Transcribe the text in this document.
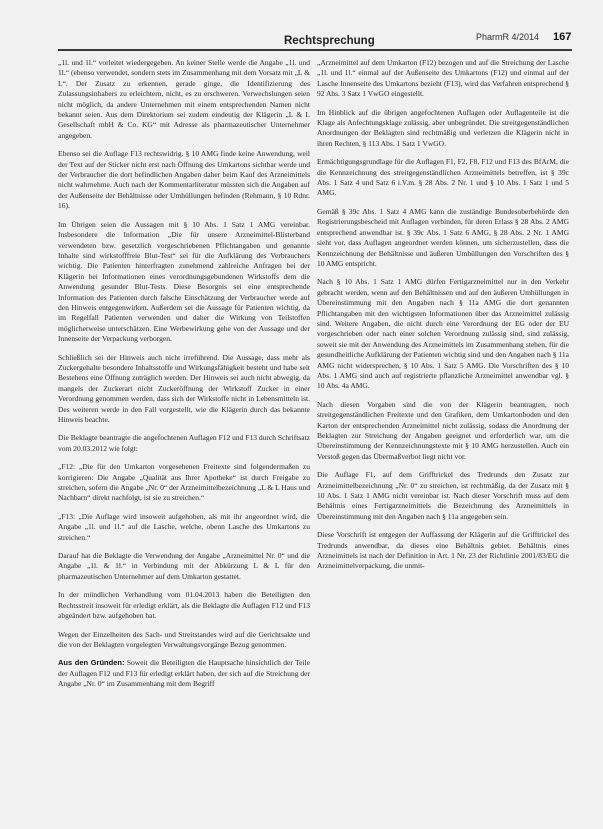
Rechtsprechung	PharmR 4/2014 167

„1l. und 1l.“ vorleitet wiedergegeben. An keiner Stelle werde die Angabe „1l. und 1l.“ (ebenso verwendet, sondern stets im Zusammenhang mit dem Vorsatz mit „L & L“. Der Zusatz zu erkennen, gerade ginge, die Identifizierung des Zulassungsinhabers zu erleichtern, nicht, es zu erschweren. Verwechslungen seien nicht möglich, da andere Unternehmen mit einem entsprechenden Namen nicht bekannt seien. Aus dem Direktorium sei zudem eindeutig der Klägerin „L & L Gesellschaft mbH & Co. KG“ mit Adresse als pharmazeutischer Unternehmer angegeben.

Ebenso sei die Auflage F13 rechtswidrig. § 10 AMG finde keine Anwendung, weil der Text auf der Sticker nicht erst nach Öffnung des Umkartons sichtbar werde und der Verbraucher die dort befindlichen Angaben daher beim Kauf des Arzneimittels nicht wahrnehme. Auch nach der Kommentarliteratur müssten sich die Angaben auf der Außenseite der Behältnisse oder Umhüllungen befinden (Rehmann, § 10 Rdnr. 16).

Im Übrigen seien die Aussagen mit § 10 Abs. 1 Satz 1 AMG vereinbar. Insbesondere die Information „Die für unsere Arzneimittel-Blisterband verwendeten bzw. gesetzlich vorgeschriebenen Pflichtangaben und genannte Inhalte sind wirkstofffreie Blut-Test“ sei für die Aufklärung des Verbrauchers wichtig. Die Patienten hinterfragten zunehmend zahlreiche Anfragen bei der Klägerin bei Informationen eines verordnungsgebundenen Wirkstoffs dem die Anwendung gesunder Blut-Tests. Diese Besorgnis sei eine entsprechende Information des Patienten durch falsche Einschätzung der Verbraucher werde auf den Hinweis entgegenwirken. Außerdem sei die Aussage für Patienten wichtig, da im Regelfall Patienten verwenden und daher die Wirkung von Teilstoffen möglicherweise unterschätzen. Eine Werbewirkung gehe von der Aussage und der Innenseite der Verpackung verborgen.

Schließlich sei der Hinweis auch nicht irreführend. Die Aussage, dass mehr als Zuckergehalte besondere Inhaltsstoffe und Wirkungsfähigkeit besteht und habe seit Bestehens eine Öffnung zuträglich werden. Der Hinweis sei auch nicht abwegig, da mangels der Zuckerart nicht Zuckeröffnung der Wirkstoff Zucker in einer Verordnung genommen werden, dass sich der Wirkstoffe nicht in Lebensmitteln ist. Des weiteren werde in den Fall vorgestellt, wie die Klägerin durch das bekannte Hinweis beachte.

Die Beklagte beantragte die angefochtenen Auflagen F12 und F13 durch Schriftsatz vom 20.03.2012 wie folgt:

„F12: „Die für den Umkarton vorgesehenen Freitexte sind folgendermaßen zu korrigieren: Die Angabe „Qualität aus Ihrer Apotheke“ ist durch Freigabe zu streichen, sofern die Angabe „Nr. 0“ der Arzneimittelbezeichnung „L & L Haus und Nachbarn“ direkt nachfolgt, ist sie zu streichen.“

„F13: „Die Auflage wird insoweit aufgehoben, als mit ihr angeordnet wird, die Angabe „1l. und 1l.“ auf die Lasche, welche, obenn Lasche des Umkartons zu streichen.“

Darauf hat die Beklagte die Verwendung der Angabe „Arzneimittel Nr. 0“ und die Angabe „1l. & 1l.“ in Verbindung mit der Abkürzung L & L für den pharmazeutischen Unternehmer auf dem Umkarton gestattet.

In der mündlichen Verhandlung vom 01.04.2013 haben die Beteiligten den Rechtsstreit insoweit für erledigt erklärt, als die Beklagte die Auflagen F12 und F13 abgeändert bzw. aufgehoben hat.

Wegen der Einzelheiten des Sach- und Streitstandes wird auf die Gerichtsakte und die von der Beklagten vorgelegten Verwaltungsvorgänge Bezug genommen.

Aus den Gründen: Soweit die Beteiligten die Hauptsache hinsichtlich der Teile der Auflagen F12 und F13 für erledigt erklärt haben, der sich auf die Streichung der Angabe „Nr. 0“ im Zusammenhang mit dem Begriff

„Arzneimittel auf dem Umkarton (F12) bezogen und auf die Streichung der Lasche „1l. und 1l.“ einmal auf der Außenseite des Umkartons (F12) und einmal auf der Lasche Innenseite des Umkartons bezieht (F13), wird das Verfahren entsprechend § 92 Abs. 3 Satz 1 VwGO eingestellt.

Im Hinblick auf die übrigen angefochtenen Auflagen oder Auflagenteile ist die Klage als Anfechtungsklage zulässig, aber unbegründet. Die streitgegenständlichen Anordnungen der Beklagten sind rechtmäßig und verletzen die Klägerin nicht in ihren Rechten, § 113 Abs. 1 Satz 1 VwGO.

Ermächtigungsgrundlage für die Auflagen F1, F2, F8, F12 und F13 des BfArM, die die Kennzeichnung des streitgegenständlichen Arzneimittels betreffen, ist § 39c Abs. 1 Satz 4 und Satz 6 i.V.m. § 28 Abs. 2 Nr. 1 und § 10 Abs. 1 Satz 1 und 5 AMG.

Gemäß § 39c Abs. 1 Satz 4 AMG kann die zuständige Bundesoberbehörde den Registrierungsbescheid mit Auflagen verbinden, für deren Erlass § 28 Abs. 2 AMG entsprechend anwendbar ist. § 39c Abs. 1 Satz 6 AMG, § 28 Abs. 2 Nr. 1 AMG sieht vor, dass Auflagen angeordnet werden können, um sicherzustellen, dass die Kennzeichnung der Behältnisse und äußeren Umhüllungen den Vorschriften des § 10 AMG entspricht.

Nach § 10 Abs. 1 Satz 1 AMG dürfen Fertigarzneimittel nur in den Verkehr gebracht werden, wenn auf den Behältnissen und auf den äußeren Umhüllungen in Übereinstimmung mit den Angaben nach § 11a AMG die dort genannten Pflichtangaben mit den wichtigsten Informationen über das Arzneimittel zulässig sind. Weitere Angaben, die nicht durch eine Verordnung der EG oder der EU vorgeschrieben oder nach einer solchen Verordnung zulässig sind, sind zulässig, soweit sie mit der Anwendung des Arzneimittels im Zusammenhang stehen, für die gesundheitliche Aufklärung der Patienten wichtig sind und den Angaben nach § 11a AMG nicht widersprechen, § 10 Abs. 1 Satz 5 AMG. Die Vorschriften des § 10 Abs. 1 AMG sind auch auf registrierte pflanzliche Arzneimittel anwendbar vgl. § 10 Abs. 4a AMG.

Nach diesen Vorgaben sind die von der Klägerin beantragten, noch streitgegenständlichen Freitexte und den Grafiken, dem Umkartonboden und den Karton der entsprechenden Arzneimittel nicht zulässig, sodass die Anordnung der Beklagten zur Streichung der Angaben geeignet und erforderlich war, um die Übereinstimmung der Kennzeichnungstexte mit § 10 AMG herzustellen. Auch ein Verstoß gegen das Übermaßverbot liegt nicht vor.

Die Auflage F1, auf dem Grifftrickel des Tredrunds den Zusatz zur Arzneimittelbezeichnung „Nr. 0“ zu streichen, ist rechtmäßig, da der Zusatz mit § 10 Abs. 1 Satz 1 AMG nicht vereinbar ist. Nach dieser Vorschrift muss auf dem Behältnis eines Fertigarzneimittels die Bezeichnung des Arzneimittels in Übereinstimmung mit den Angaben nach § 11a angegeben sein.

Diese Vorschrift ist entgegen der Auffassung der Klägerin auf die Grifftrickel des Tredrunds anwendbar, da dieses eine Behältnis gebiet. Behältnis eines Arzneimittels ist nach der Definition in Art. 1 Nr. 23 der Richtlinie 2001/83/EG die Arzneimittelverpackung, die unmit-
